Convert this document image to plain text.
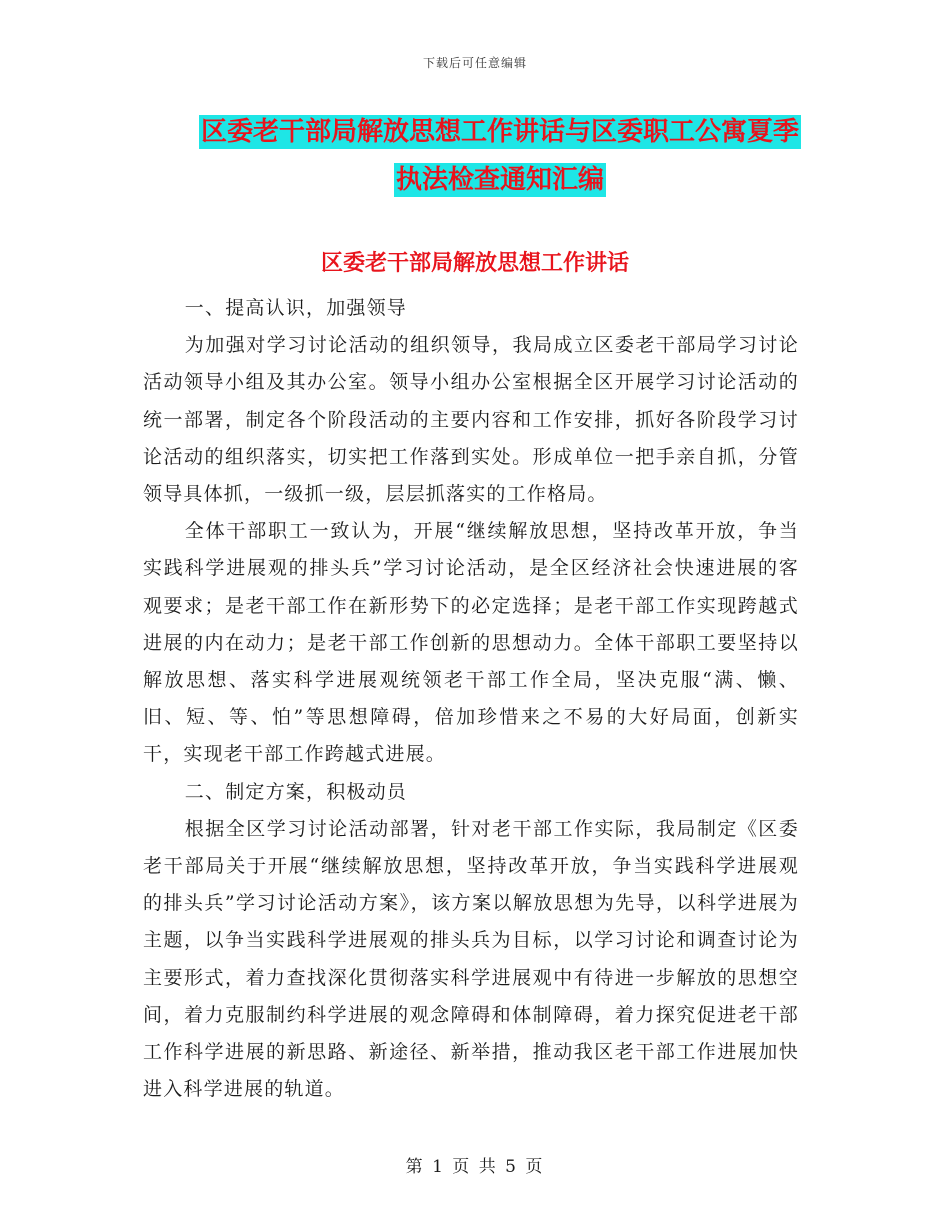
下载后可任意编辑
区委老干部局解放思想工作讲话与区委职工公寓夏季
执法检查通知汇编
区委老干部局解放思想工作讲话

一、提高认识，加强领导

为加强对学习讨论活动的组织领导，我局成立区委老干部局学习讨论活动领导小组及其办公室。领导小组办公室根据全区开展学习讨论活动的统一部署，制定各个阶段活动的主要内容和工作安排，抓好各阶段学习讨论活动的组织落实，切实把工作落到实处。形成单位一把手亲自抓，分管领导具体抓，一级抓一级，层层抓落实的工作格局。

全体干部职工一致认为，开展“继续解放思想，坚持改革开放，争当实践科学进展观的排头兵”学习讨论活动，是全区经济社会快速进展的客观要求；是老干部工作在新形势下的必定选择；是老干部工作实现跨越式进展的内在动力；是老干部工作创新的思想动力。全体干部职工要坚持以解放思想、落实科学进展观统领老干部工作全局，坚决克服“满、懒、旧、短、等、怕”等思想障碍，倍加珍惜来之不易的大好局面，创新实干，实现老干部工作跨越式进展。

二、制定方案，积极动员

根据全区学习讨论活动部署，针对老干部工作实际，我局制定《区委老干部局关于开展“继续解放思想，坚持改革开放，争当实践科学进展观的排头兵”学习讨论活动方案》，该方案以解放思想为先导，以科学进展为主题，以争当实践科学进展观的排头兵为目标，以学习讨论和调查讨论为主要形式，着力查找深化贯彻落实科学进展观中有待进一步解放的思想空间，着力克服制约科学进展的观念障碍和体制障碍，着力探究促进老干部工作科学进展的新思路、新途径、新举措，推动我区老干部工作进展加快进入科学进展的轨道。

第 1 页 共 5 页
